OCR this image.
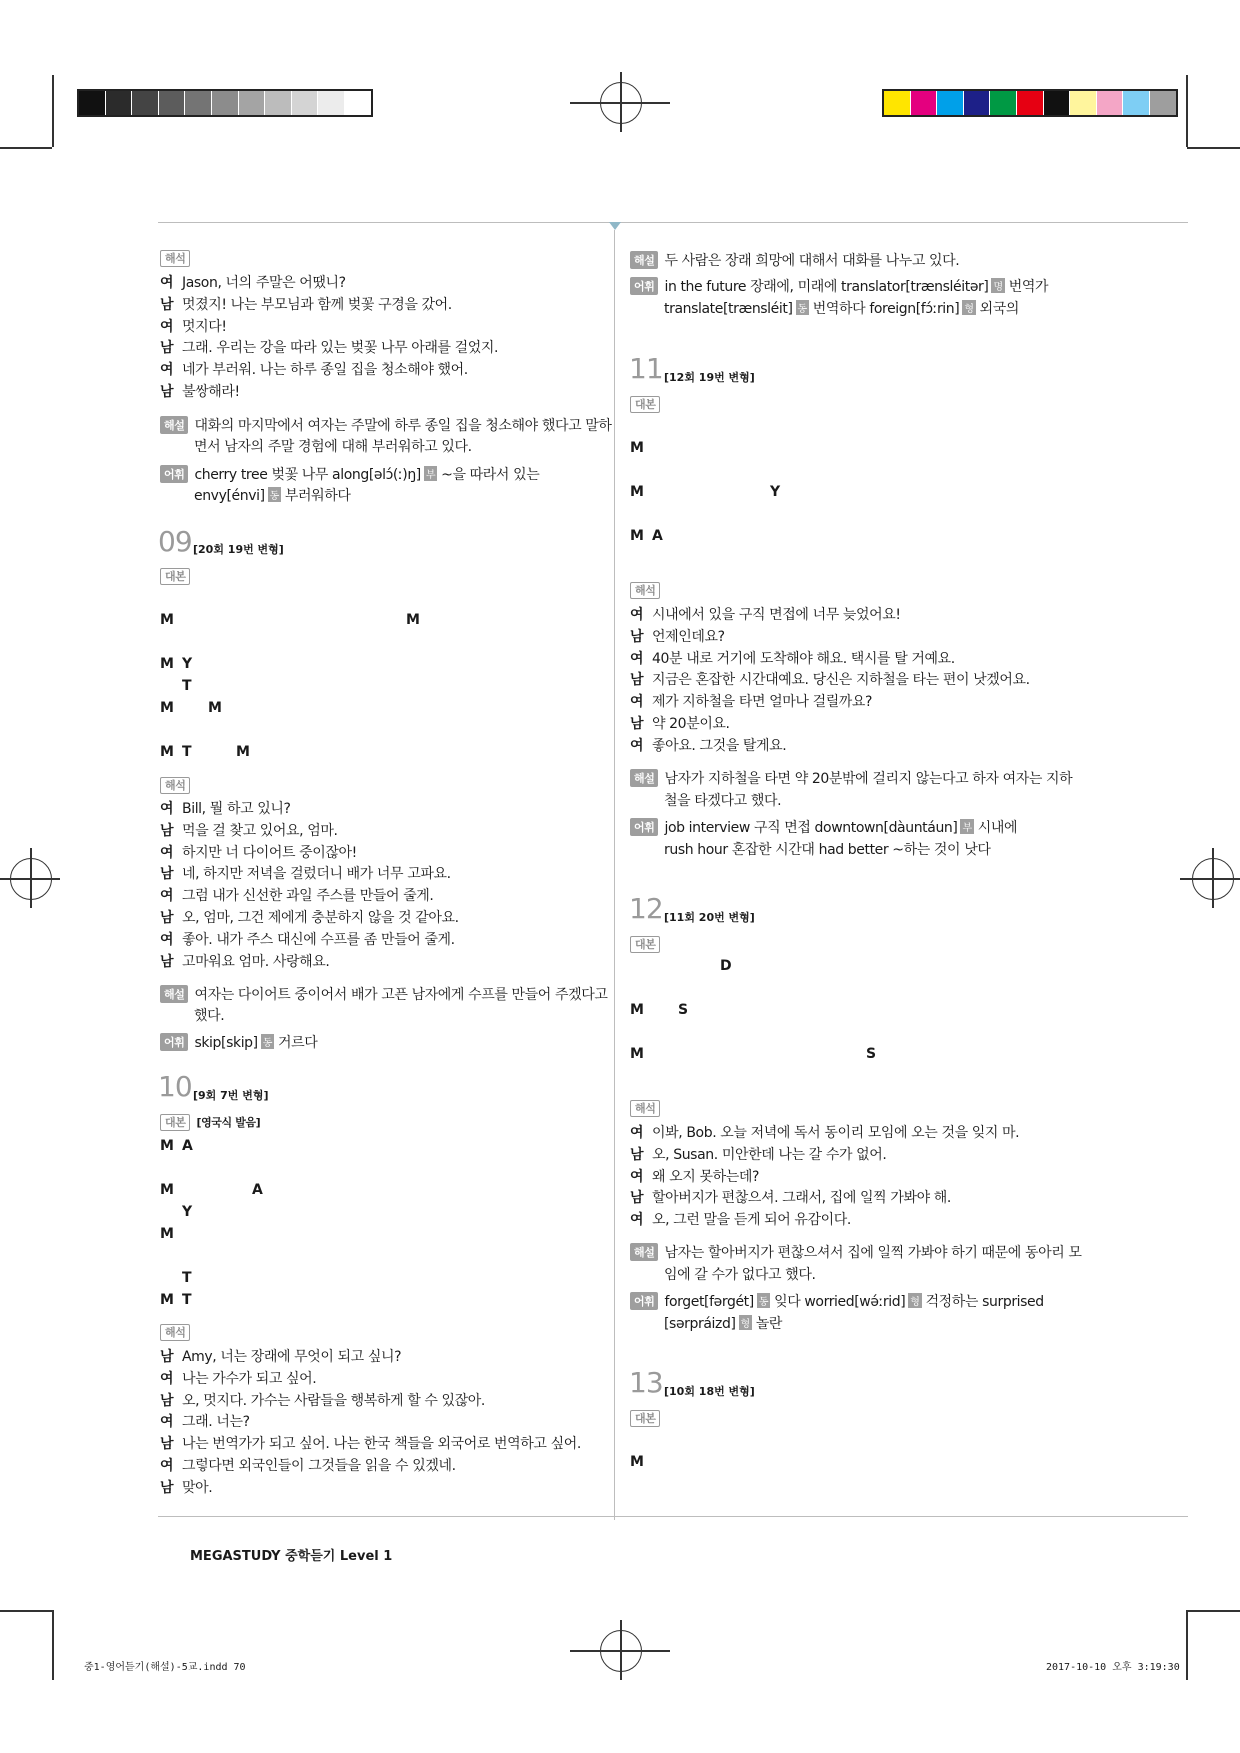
해석
여 Jason, 너의 주말은 어땠니?
남 멋졌지! 나는 부모님과 함께 벚꽃 구경을 갔어.
여 멋지다!
남 그래. 우리는 강을 따라 있는 벚꽃 나무 아래를 걸었지.
여 네가 부러워. 나는 하루 종일 집을 청소해야 했어.
남 불쌍해라!
해설 대화의 마지막에서 여자는 주말에 하루 종일 집을 청소해야 했다고 말하
면서 남자의 주말 경험에 대해 부러워하고 있다.
어휘 cherry tree 벚꽃 나무 along[əlɔ́(ː)ŋ] 부 ~을 따라서 있는
envy[énvi] 동 부러워하다
09 [20회 19번 변형]
대본
M	M
M Y
T
M	M
M T	M
해석
여 Bill, 뭘 하고 있니?
남 먹을 걸 찾고 있어요, 엄마.
여 하지만 너 다이어트 중이잖아!
남 네, 하지만 저녁을 걸렀더니 배가 너무 고파요.
여 그럼 내가 신선한 과일 주스를 만들어 줄게.
남 오, 엄마, 그건 제에게 충분하지 않을 것 같아요.
여 좋아. 내가 주스 대신에 수프를 좀 만들어 줄게.
남 고마워요 엄마. 사랑해요.
해설 여자는 다이어트 중이어서 배가 고픈 남자에게 수프를 만들어 주겠다고
했다.
어휘 skip[skip] 동 거르다
10 [9회 7번 변형]
대본 [영국식 발음]
M A
M	A
Y
M
T
M T
해석
남 Amy, 너는 장래에 무엇이 되고 싶니?
여 나는 가수가 되고 싶어.
남 오, 멋지다. 가수는 사람들을 행복하게 할 수 있잖아.
여 그래. 너는?
남 나는 번역가가 되고 싶어. 나는 한국 책들을 외국어로 번역하고 싶어.
여 그렇다면 외국인들이 그것들을 읽을 수 있겠네.
남 맞아.
해설 두 사람은 장래 희망에 대해서 대화를 나누고 있다.
어휘 in the future 장래에, 미래에 translator[trænsléitər] 명 번역가
translate[trænsléit] 동 번역하다 foreign[fɔ́ːrin] 형 외국의
11 [12회 19번 변형]
대본
M
M	Y
M A
해석
여 시내에서 있을 구직 면접에 너무 늦었어요!
남 언제인데요?
여 40분 내로 거기에 도착해야 해요. 택시를 탈 거예요.
남 지금은 혼잡한 시간대예요. 당신은 지하철을 타는 편이 낫겠어요.
여 제가 지하철을 타면 얼마나 걸릴까요?
남 약 20분이요.
여 좋아요. 그것을 탈게요.
해설 남자가 지하철을 타면 약 20분밖에 걸리지 않는다고 하자 여자는 지하
철을 타겠다고 했다.
어휘 job interview 구직 면접 downtown[dàuntáun] 부 시내에
rush hour 혼잡한 시간대 had better ~하는 것이 낫다
12 [11회 20번 변형]
대본
D
M	S
M	S
해석
여 이봐, Bob. 오늘 저녁에 독서 동이리 모임에 오는 것을 잊지 마.
남 오, Susan. 미안한데 나는 갈 수가 없어.
여 왜 오지 못하는데?
남 할아버지가 편찮으셔. 그래서, 집에 일찍 가봐야 해.
여 오, 그런 말을 듣게 되어 유감이다.
해설 남자는 할아버지가 편찮으셔서 집에 일찍 가봐야 하기 때문에 동아리 모
임에 갈 수가 없다고 했다.
어휘 forget[fərgét] 동 잊다 worried[wə́ːrid] 형 걱정하는 surprised
[sərpráizd] 형 놀란
13 [10회 18번 변형]
대본
M
MEGASTUDY 중학듣기 Level 1
중1-영어듣기(해설)-5교.indd 70	2017-10-10 오후 3:19:30
